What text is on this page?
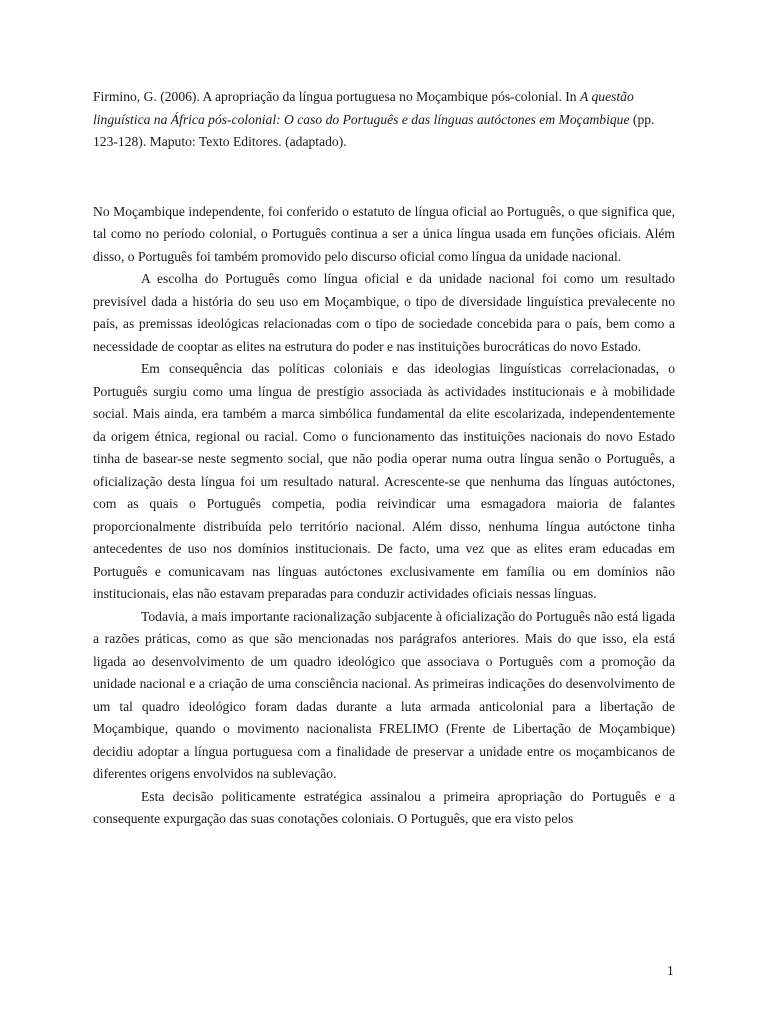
Firmino, G. (2006). A apropriação da língua portuguesa no Moçambique pós-colonial. In A questão linguística na África pós-colonial: O caso do Português e das línguas autóctones em Moçambique (pp. 123-128). Maputo: Texto Editores. (adaptado).

No Moçambique independente, foi conferido o estatuto de língua oficial ao Português, o que significa que, tal como no período colonial, o Português continua a ser a única língua usada em funções oficiais. Além disso, o Português foi também promovido pelo discurso oficial como língua da unidade nacional.

A escolha do Português como língua oficial e da unidade nacional foi como um resultado previsível dada a história do seu uso em Moçambique, o tipo de diversidade linguística prevalecente no país, as premissas ideológicas relacionadas com o tipo de sociedade concebida para o país, bem como a necessidade de cooptar as elites na estrutura do poder e nas instituições burocráticas do novo Estado.

Em consequência das políticas coloniais e das ideologias linguísticas correlacionadas, o Português surgiu como uma língua de prestígio associada às actividades institucionais e à mobilidade social. Mais ainda, era também a marca simbólica fundamental da elite escolarizada, independentemente da origem étnica, regional ou racial. Como o funcionamento das instituições nacionais do novo Estado tinha de basear-se neste segmento social, que não podia operar numa outra língua senão o Português, a oficialização desta língua foi um resultado natural. Acrescente-se que nenhuma das línguas autóctones, com as quais o Português competia, podia reivindicar uma esmagadora maioria de falantes proporcionalmente distribuída pelo território nacional. Além disso, nenhuma língua autóctone tinha antecedentes de uso nos domínios institucionais. De facto, uma vez que as elites eram educadas em Português e comunicavam nas línguas autóctones exclusivamente em família ou em domínios não institucionais, elas não estavam preparadas para conduzir actividades oficiais nessas línguas.

Todavia, a mais importante racionalização subjacente à oficialização do Português não está ligada a razões práticas, como as que são mencionadas nos parágrafos anteriores. Mais do que isso, ela está ligada ao desenvolvimento de um quadro ideológico que associava o Português com a promoção da unidade nacional e a criação de uma consciência nacional. As primeiras indicações do desenvolvimento de um tal quadro ideológico foram dadas durante a luta armada anticolonial para a libertação de Moçambique, quando o movimento nacionalista FRELIMO (Frente de Libertação de Moçambique) decidiu adoptar a língua portuguesa com a finalidade de preservar a unidade entre os moçambicanos de diferentes origens envolvidos na sublevação.

Esta decisão politicamente estratégica assinalou a primeira apropriação do Português e a consequente expurgação das suas conotações coloniais. O Português, que era visto pelos

1
